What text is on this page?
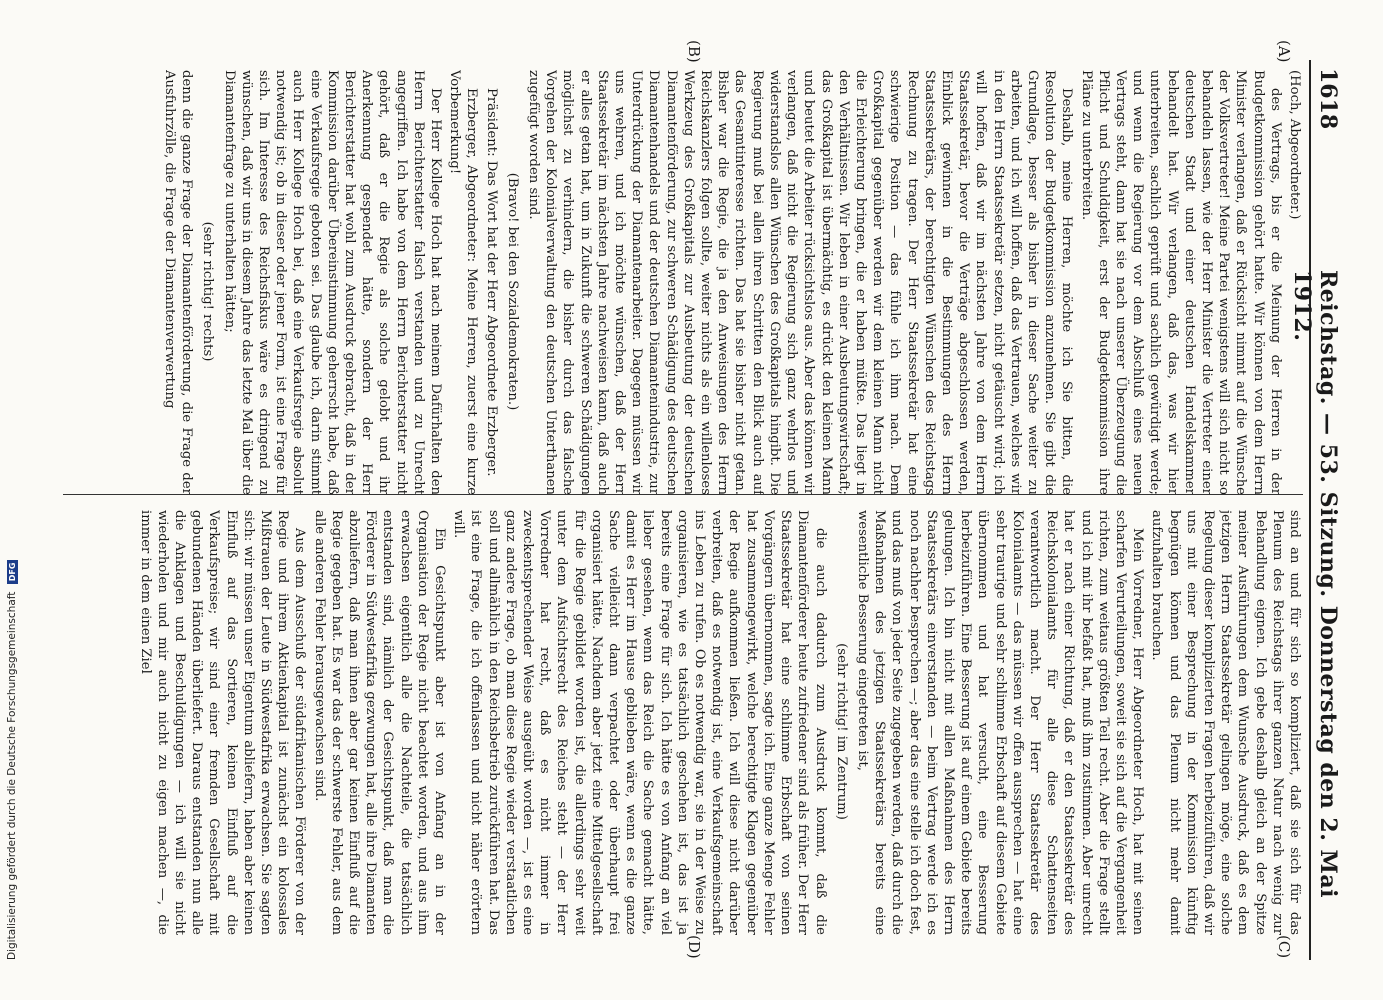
1618
Reichstag. — 53. Sitzung. Donnerstag den 2. Mai 1912.
(A)
(B)
(C)
(D)

(Hoch, Abgeordneter.)

des Vertrags, bis er die Meinung der Herren in der Budgetkommission gehört hatte. Wir können von dem Herrn Minister verlangen, daß er Rücksicht nimmt auf die Wünsche der Volksvertreter! Meine Partei wenigstens will sich nicht so behandeln lassen, wie der Herr Minister die Vertreter einer deutschen Stadt und einer deutschen Handelskammer behandelt hat. Wir verlangen, daß das, was wir hier unterbreiten, sachlich geprüft und sachlich gewürdigt werde; und wenn die Regierung vor dem Abschluß eines neuen Vertrags steht, dann hat sie nach unserer Überzeugung die Pflicht und Schuldigkeit, erst der Budgetkommission ihre Pläne zu unterbreiten.

Deshalb, meine Herren, möchte ich Sie bitten, die Resolution der Budgetkommission anzunehmen. Sie gibt die Grundlage, besser als bisher in dieser Sache weiter zu arbeiten, und ich will hoffen, daß das Vertrauen, welches wir in den Herrn Staatssekretär setzen, nicht getäuscht wird; ich will hoffen, daß wir im nächsten Jahre von dem Herrn Staatssekretär, bevor die Verträge abgeschlossen werden, Einblick gewinnen in die Bestimmungen des Herrn Staatssekretärs, der berechtigten Wünschen des Reichstags Rechnung zu tragen. Der Herr Staatssekretär hat eine schwierige Position — das fühle ich ihm nach. Dem Großkapital gegenüber werden wir dem kleinen Mann nicht die Erleichterung bringen, die er haben müßte. Das liegt in den Verhältnissen. Wir leben in einer Ausbeutungswirtschaft; das Großkapital ist übermächtig, es drückt den kleinen Mann und beutet die Arbeiter rücksichtslos aus. Aber das können wir verlangen, daß nicht die Regierung sich ganz wehrlos und widerstandslos allen Wünschen des Großkapitals hingibt. Die Regierung muß bei allen ihren Schritten den Blick auch auf das Gesamtinteresse richten. Das hat sie bisher nicht getan. Bisher war die Regie, die ja den Anweisungen des Herrn Reichskanzlers folgen sollte, weiter nichts als ein willenloses Werkzeug des Großkapitals zur Ausbeutung der deutschen Diamantenförderung, zur schweren Schädigung des deutschen Diamantenhandels und der deutschen Diamantenindustrie, zur Unterdrückung der Diamantenarbeiter. Dagegen müssen wir uns wehren, und ich möchte wünschen, daß der Herr Staatssekretär im nächsten Jahre nachweisen kann, daß auch er alles getan hat, um in Zukunft die schweren Schädigungen möglichst zu verhindern, die bisher durch das falsche Vorgehen der Kolonialverwaltung den deutschen Unterthanen zugefügt worden sind.

(Bravo! bei den Sozialdemokraten.)

Präsident: Das Wort hat der Herr Abgeordnete Erzberger.

Erzberger, Abgeordneter: Meine Herren, zuerst eine kurze Vorbemerkung!

Der Herr Kollege Hoch hat nach meinem Dafürhalten den Herrn Berichterstatter falsch verstanden und zu Unrecht angegriffen. Ich habe von dem Herrn Berichterstatter nicht gehört, daß er die Regie als solche gelobt und ihr Anerkennung gespendet hätte, sondern der Herr Berichterstatter hat wohl zum Ausdruck gebracht, daß in der Kommission darüber Übereinstimmung geherrscht habe, daß eine Verkaufsregie geboten sei. Das glaube ich, darin stimmt auch Herr Kollege Hoch bei, daß eine Verkaufsregie absolut notwendig ist; ob in dieser oder jener Form, ist eine Frage für sich. Im Interesse des Reichsfiskus wäre es dringend zu wünschen, daß wir uns in diesem Jahre das letzte Mal über die Diamantenfrage zu unterhalten hätten;

(sehr richtig! rechts)

denn die ganze Frage der Diamantenförderung, die Frage der Ausfuhrzölle, die Frage der Diamantenverwertung

sind an und für sich so kompliziert, daß sie sich für das Plenum des Reichstags ihrer ganzen Natur nach wenig zur Behandlung eignen. Ich gebe deshalb gleich an der Spitze meiner Ausführungen dem Wunsche Ausdruck, daß es dem jetzigen Herrn Staatssekretär gelingen möge, eine solche Regelung dieser komplizierten Fragen herbeizuführen, daß wir uns mit einer Besprechung in der Kommission künftig begnügen können und das Plenum nicht mehr damit aufzuhalten brauchen.

Mein Vorredner, Herr Abgeordneter Hoch, hat mit seinen scharfen Verurteilungen, soweit sie sich auf die Vergangenheit richten, zum weitaus größten Teil recht. Aber die Frage stellt und ich mit ihr befaßt hat, muß ihm zustimmen. Aber unrecht hat er nach einer Richtung, daß er den Staatssekretär des Reichskolonialamts für alle diese Schattenseiten verantwortlich macht. Der Herr Staatssekretär des Kolonialamts — das müssen wir offen aussprechen — hat eine sehr traurige und sehr schlimme Erbschaft auf diesem Gebiete übernommen und hat versucht, eine Besserung herbeizuführen. Eine Besserung ist auf einem Gebiete bereits gelungen. Ich bin nicht mit allen Maßnahmen des Herrn Staatssekretärs einverstanden — beim Vertrag werde ich es noch nachher besprechen —; aber das eine stelle ich doch fest, und das muß von jeder Seite zugegeben werden, daß durch die Maßnahmen des jetzigen Staatssekretärs bereits eine wesentliche Besserung eingetreten ist,

(sehr richtig! im Zentrum)

die auch dadurch zum Ausdruck kommt, daß die Diamantenförderer heute zufriedener sind als früher. Der Herr Staatssekretär hat eine schlimme Erbschaft von seinen Vorgängern übernommen, sagte ich. Eine ganze Menge Fehler hat zusammengewirkt, welche berechtigte Klagen gegenüber der Regie aufkommen ließen. Ich will diese nicht darüber verbreiten, daß es notwendig ist, eine Verkaufsgemeinschaft ins Leben zu rufen. Ob es notwendig war, sie in der Weise zu organisieren, wie es tatsächlich geschehen ist, das ist ja bereits eine Frage für sich. Ich hätte es von Anfang an viel lieber gesehen, wenn das Reich die Sache gemacht hätte, damit es Herr im Hause geblieben wäre, wenn es die ganze Sache vielleicht dann verpachtet oder überhaupt frei organisiert hätte. Nachdem aber jetzt eine Mittelgesellschaft für die Regie gebildet worden ist, die allerdings sehr weit unter dem Aufsichtsrecht des Reiches steht — der Herr Vorredner hat recht, daß es nicht immer in zweckentsprechender Weise ausgeübt worden —, ist es eine ganz andere Frage, ob man diese Regie wieder verstaatlichen soll und allmählich in den Reichsbetrieb zurückführen hat. Das ist eine Frage, die ich offenlassen und nicht näher erörtern will.

Ein Gesichtspunkt aber ist von Anfang an in der Organisation der Regie nicht beachtet worden, und aus ihm erwachsen eigentlich alle die Nachteile, die tatsächlich entstanden sind, nämlich der Gesichtspunkt, daß man die Förderer in Südwestafrika gezwungen hat, alle ihre Diamanten abzuliefern, daß man ihnen aber gar keinen Einfluß auf die Regie gegeben hat. Es war das der schwerste Fehler, aus dem alle anderen Fehler herausgewachsen sind.

Aus dem Ausschuß der südafrikanischen Förderer von der Regie und ihrem Aktienkapital ist zunächst ein kolossales Mißtrauen der Leute in Südwestafrika erwachsen. Sie sagten sich: wir müssen unser Eigentum abliefern, haben aber keinen Einfluß auf das Sortieren, keinen Einfluß auf die Verkaufspreise; wir sind einer fremden Gesellschaft mit gebundenen Händen überliefert. Daraus entstanden nun alle die Anklagen und Beschuldigungen — ich will sie nicht wiederholen und mir auch nicht zu eigen machen —, die immer in dem einen Ziel

Digitalisierung gefördert durch die Deutsche Forschungsgemeinschaft DFG
